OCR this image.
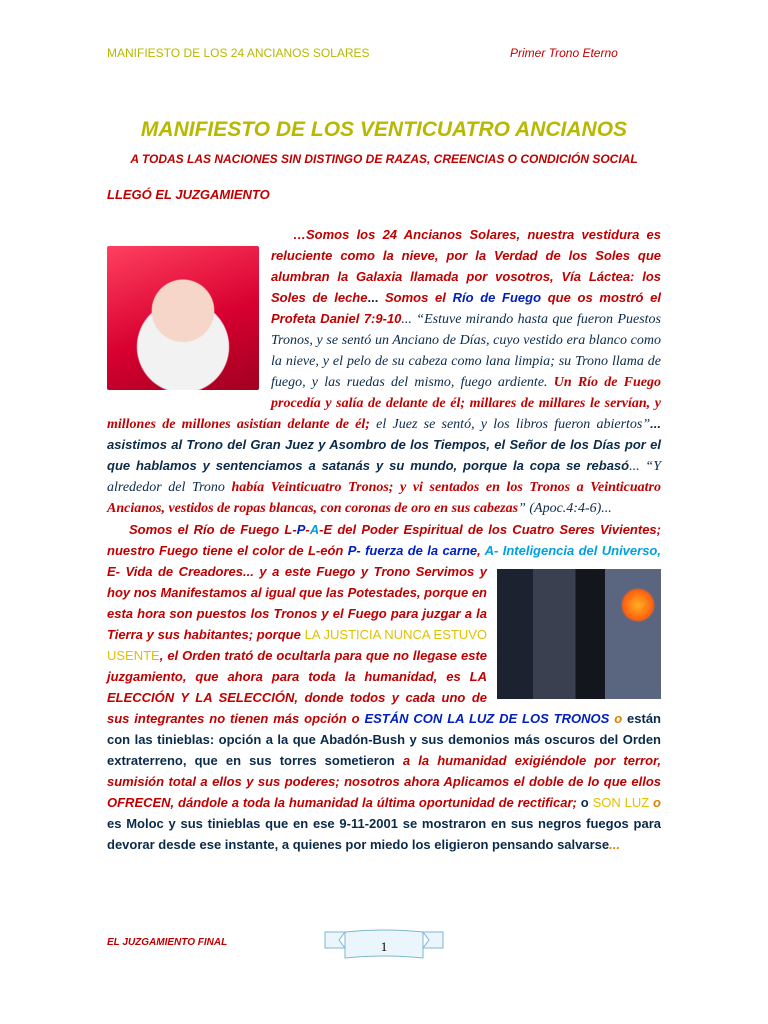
MANIFIESTO DE LOS 24 ANCIANOS SOLARES	Primer Trono Eterno
MANIFIESTO DE LOS VENTICUATRO ANCIANOS
A TODAS LAS NACIONES SIN DISTINGO DE RAZAS, CREENCIAS O CONDICIÓN SOCIAL
LLEGÓ EL JUZGAMIENTO

…Somos los 24 Ancianos Solares, nuestra vestidura es reluciente como la nieve, por la Verdad de los Soles que alumbran la Galaxia llamada por vosotros, Vía Láctea: los Soles de leche... Somos el Río de Fuego que os mostró el Profeta Daniel 7:9-10... “Estuve mirando hasta que fueron Puestos Tronos, y se sentó un Anciano de Días, cuyo vestido era blanco como la nieve, y el pelo de su cabeza como lana limpia; su Trono llama de fuego, y las ruedas del mismo, fuego ardiente. Un Río de Fuego procedía y salía de delante de él; millares de millares le servían, y millones de millones asistían delante de él; el Juez se sentó, y los libros fueron abiertos”... asistimos al Trono del Gran Juez y Asombro de los Tiempos, el Señor de los Días por el que hablamos y sentenciamos a satanás y su mundo, porque la copa se rebasó... “Y alrededor del Trono había Veinticuatro Tronos; y vi sentados en los Tronos a Veinticuatro Ancianos, vestidos de ropas blancas, con coronas de oro en sus cabezas” (Apoc.4:4-6)...

Somos el Río de Fuego L-P-A-E del Poder Espiritual de los Cuatro Seres Vivientes; nuestro Fuego tiene el color de L-eón P- fuerza de la carne, A- Inteligencia del Universo, E- Vida de Creadores
... y a este Fuego y Trono Servimos y hoy nos Manifestamos al igual que las Potestades, porque en esta hora son puestos los Tronos y el Fuego para juzgar a la Tierra y sus habitantes; porque LA JUSTICIA NUNCA ESTUVO USENTE, el Orden trató de ocultarla para que no llegase este juzgamiento, que ahora para toda la humanidad, es LA ELECCIÓN Y LA SELECCIÓN, donde todos y cada uno de sus integrantes no tienen más opción o ESTÁN CON LA LUZ DE LOS TRONOS o están con las tinieblas: opción a la que Abadón-Bush y sus demonios más oscuros del Orden extraterreno, que en sus torres sometieron a la humanidad exigiéndole por terror, sumisión total a ellos y sus poderes; nosotros ahora Aplicamos el doble de lo que ellos OFRECEN, dándole a toda la humanidad la última oportunidad de rectificar; o SON LUZ o es Moloc y sus tinieblas que en ese 9-11-2001 se mostraron en sus negros fuegos para devorar desde ese instante, a quienes por miedo los eligieron pensando salvarse...

EL JUZGAMIENTO FINAL	1
